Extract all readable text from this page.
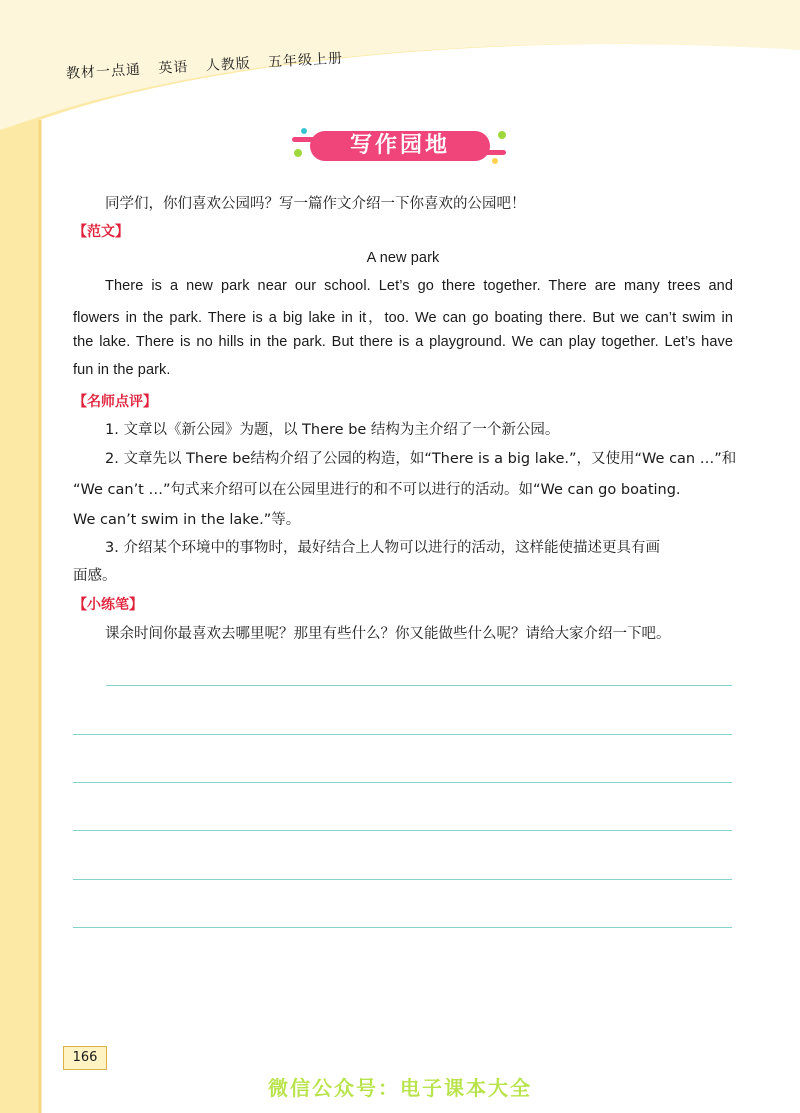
教材一点通 英语 人教版 五年级上册
写作园地
同学们，你们喜欢公园吗？写一篇作文介绍一下你喜欢的公园吧！
【范文】
A new park
There is a new park near our school. Let’s go there together. There are many trees and
flowers in the park. There is a big lake in it，too. We can go boating there. But we can’t swim in
the lake. There is no hills in the park. But there is a playground. We can play together. Let’s have
fun in the park.
【名师点评】
1. 文章以《新公园》为题，以 There be 结构为主介绍了一个新公园。
2. 文章先以 There be结构介绍了公园的构造，如“There is a big lake.”，又使用“We can …”和
“We can’t …”句式来介绍可以在公园里进行的和不可以进行的活动。如“We can go boating.
We can’t swim in the lake.”等。
3. 介绍某个环境中的事物时，最好结合上人物可以进行的活动，这样能使描述更具有画
面感。
【小练笔】
课余时间你最喜欢去哪里呢？那里有些什么？你又能做些什么呢？请给大家介绍一下吧。
166
微信公众号：电子课本大全
